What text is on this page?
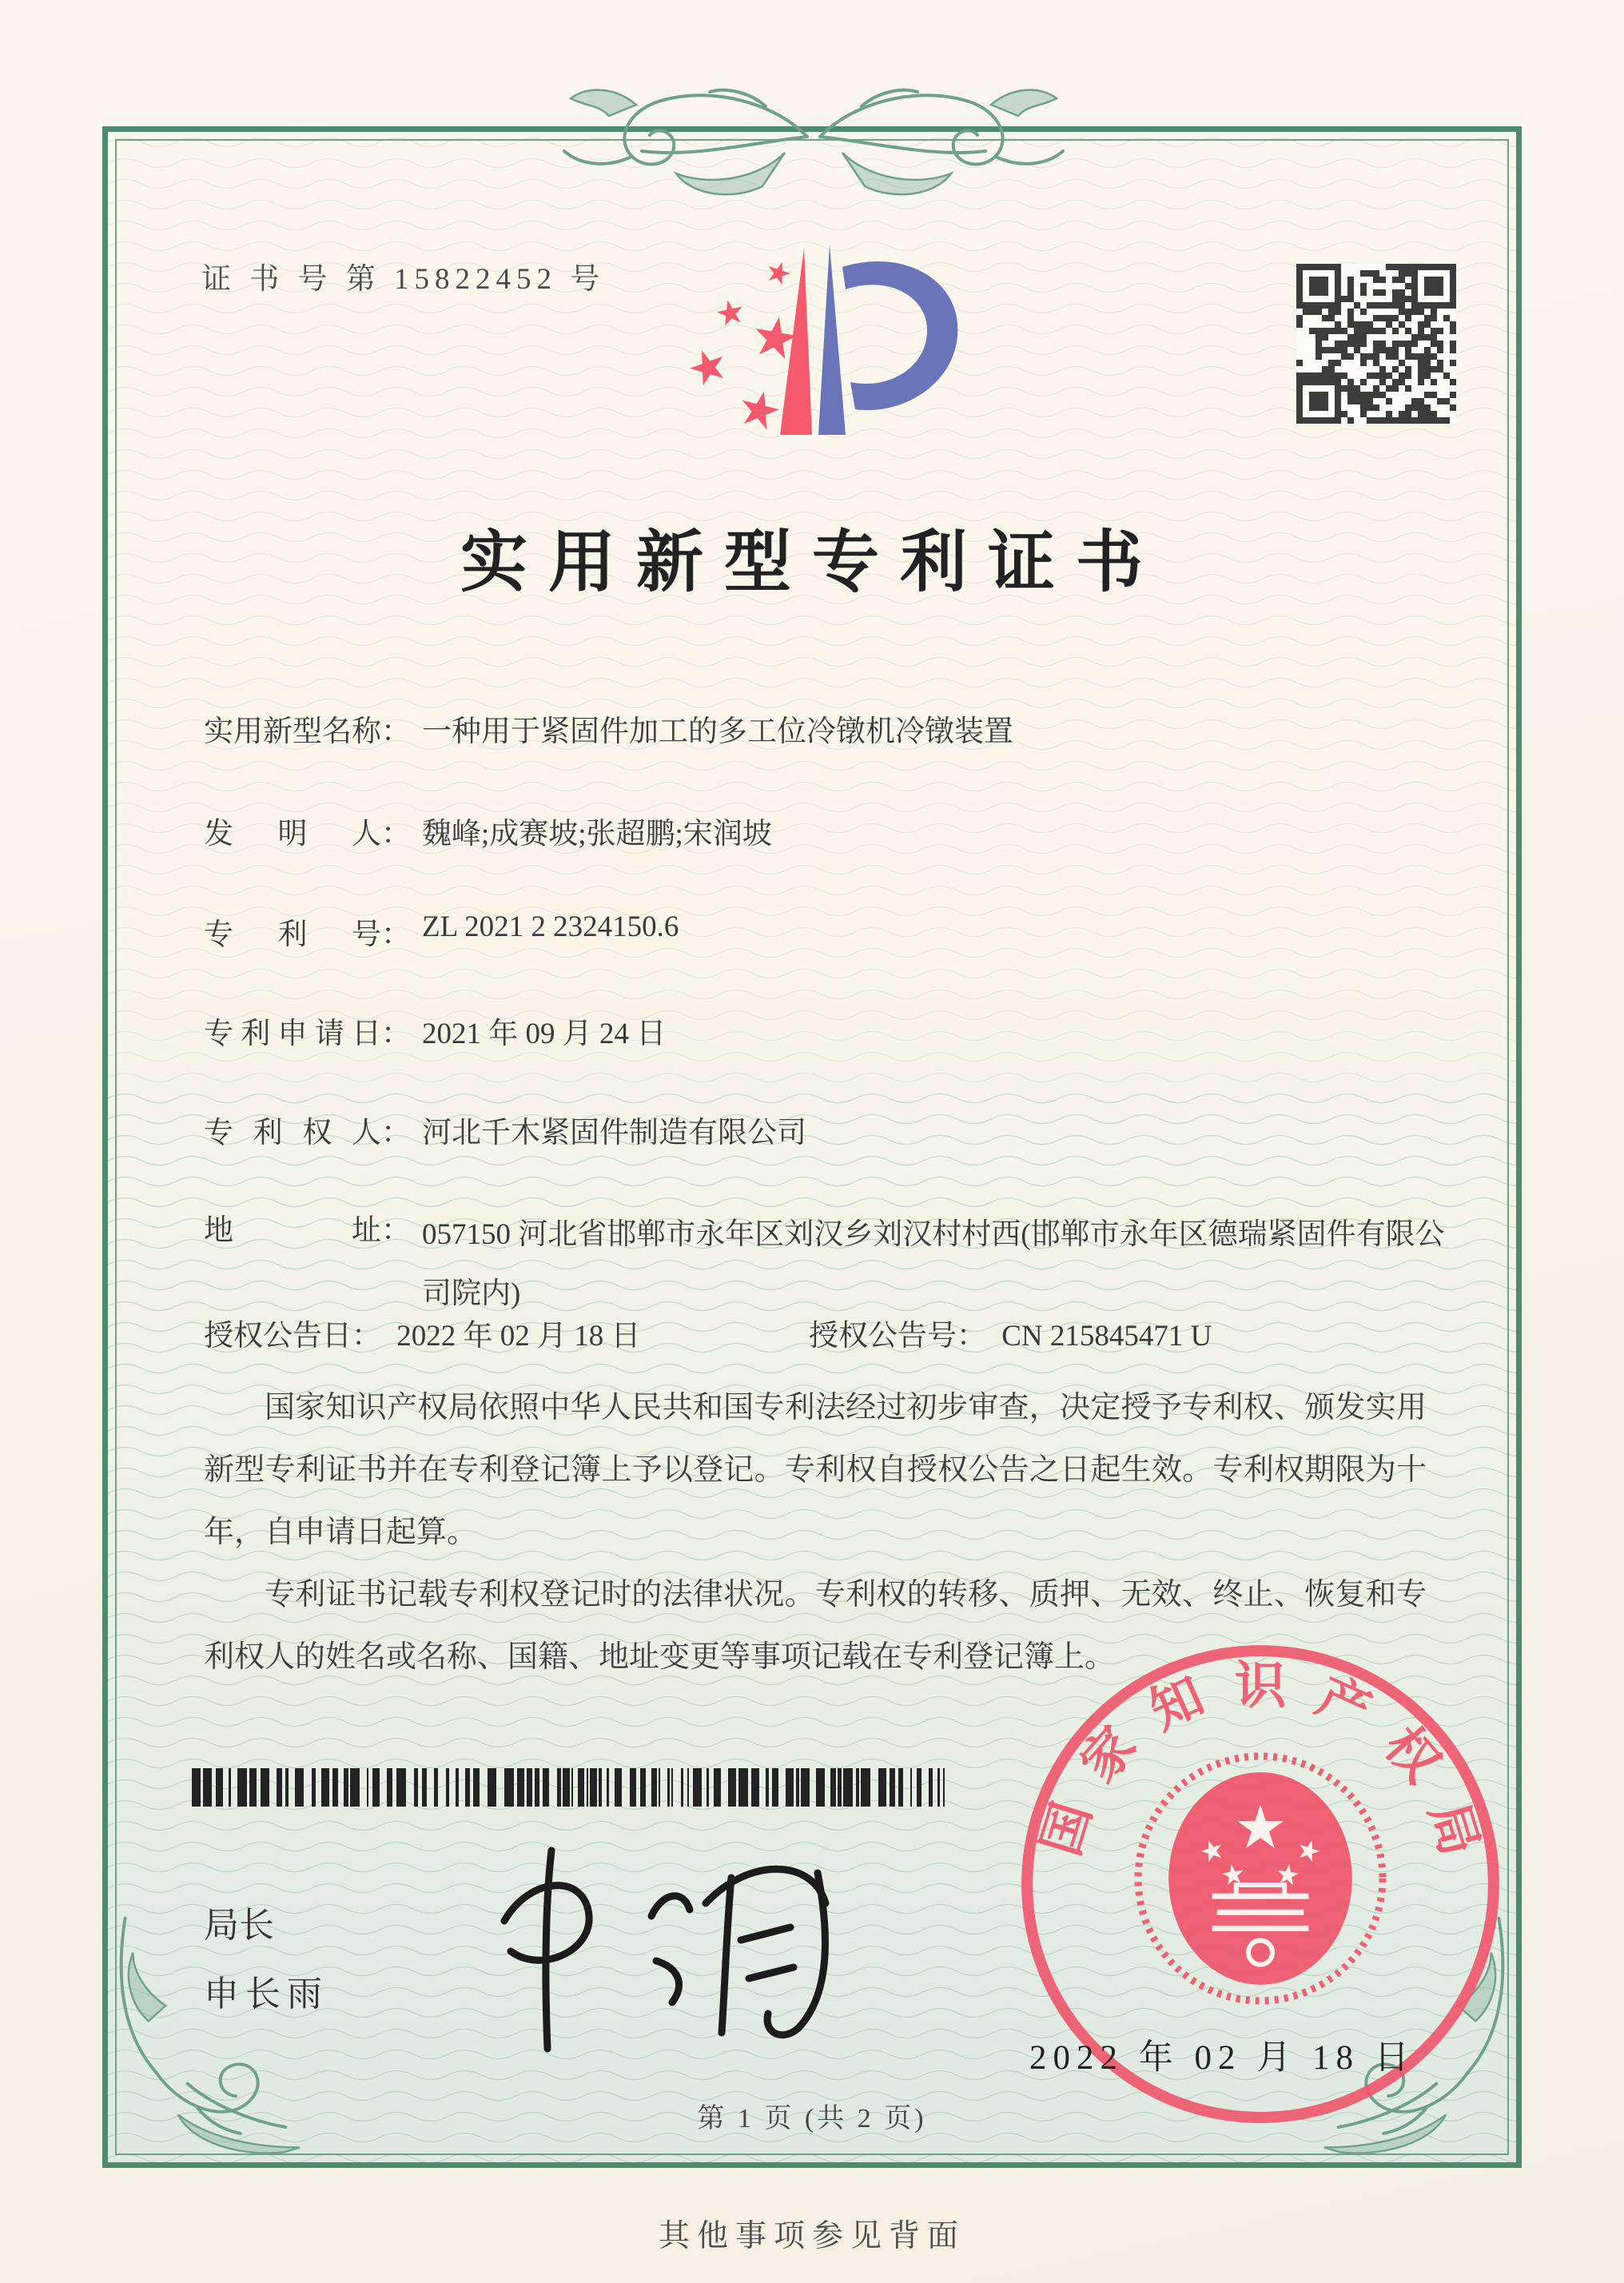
证 书 号 第 15822452 号
实用新型专利证书
实用新型名称 ： 一种用于紧固件加工的多工位冷镦机冷镦装置
发明人 ： 魏峰;成赛坡;张超鹏;宋润坡
专利号 ： ZL 2021 2 2324150.6
专利申请日 ： 2021 年 09 月 24 日
专利权人 ： 河北千木紧固件制造有限公司
地址 ： 057150 河北省邯郸市永年区刘汉乡刘汉村村西(邯郸市永年区德瑞紧固件有限公司院内)
授权公告日： 2022 年 02 月 18 日	授权公告号： CN 215845471 U

国家知识产权局依照中华人民共和国专利法经过初步审查，决定授予专利权、颁发实用新型专利证书并在专利登记簿上予以登记。专利权自授权公告之日起生效。专利权期限为十年，自申请日起算。

专利证书记载专利权登记时的法律状况。专利权的转移、质押、无效、终止、恢复和专利权人的姓名或名称、国籍、地址变更等事项记载在专利登记簿上。

局长
申长雨
国
家
知 识 产
权
局
2022 年 02 月 18 日
第 1 页 (共 2 页)
其他事项参见背面
